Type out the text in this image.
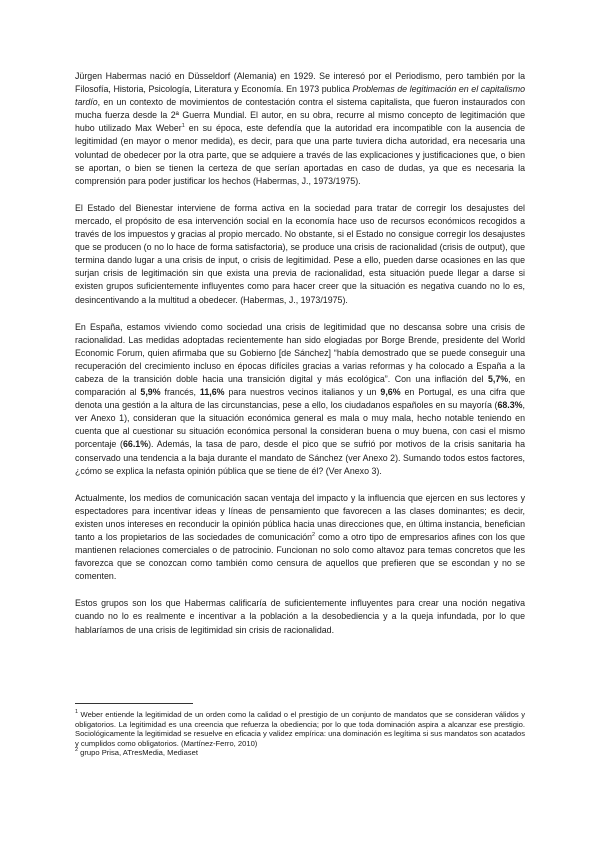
Jürgen Habermas nació en Düsseldorf (Alemania) en 1929. Se interesó por el Periodismo, pero también por la Filosofía, Historia, Psicología, Literatura y Economía. En 1973 publica Problemas de legitimación en el capitalismo tardío, en un contexto de movimientos de contestación contra el sistema capitalista, que fueron instaurados con mucha fuerza desde la 2ª Guerra Mundial. El autor, en su obra, recurre al mismo concepto de legitimación que hubo utilizado Max Weber$^1$ en su época, este defendía que la autoridad era incompatible con la ausencia de legitimidad (en mayor o menor medida), es decir, para que una parte tuviera dicha autoridad, era necesaria una voluntad de obedecer por la otra parte, que se adquiere a través de las explicaciones y justificaciones que, o bien se aportan, o bien se tienen la certeza de que serían aportadas en caso de dudas, ya que es necesaria la comprensión para poder justificar los hechos (Habermas, J., 1973/1975).

El Estado del Bienestar interviene de forma activa en la sociedad para tratar de corregir los desajustes del mercado, el propósito de esa intervención social en la economía hace uso de recursos económicos recogidos a través de los impuestos y gracias al propio mercado. No obstante, si el Estado no consigue corregir los desajustes que se producen (o no lo hace de forma satisfactoria), se produce una crisis de racionalidad (crisis de output), que termina dando lugar a una crisis de input, o crisis de legitimidad. Pese a ello, pueden darse ocasiones en las que surjan crisis de legitimación sin que exista una previa de racionalidad, esta situación puede llegar a darse si existen grupos suficientemente influyentes como para hacer creer que la situación es negativa cuando no lo es, desincentivando a la multitud a obedecer. (Habermas, J., 1973/1975).

En España, estamos viviendo como sociedad una crisis de legitimidad que no descansa sobre una crisis de racionalidad. Las medidas adoptadas recientemente han sido elogiadas por Borge Brende, presidente del World Economic Forum, quien afirmaba que su Gobierno [de Sánchez] “había demostrado que se puede conseguir una recuperación del crecimiento incluso en épocas difíciles gracias a varias reformas y ha colocado a España a la cabeza de la transición doble hacia una transición digital y más ecológica”. Con una inflación del 5,7%, en comparación al 5,9% francés, 11,6% para nuestros vecinos italianos y un 9,6% en Portugal, es una cifra que denota una gestión a la altura de las circunstancias, pese a ello, los ciudadanos españoles en su mayoría (68.3%, ver Anexo 1), consideran que la situación económica general es mala o muy mala, hecho notable teniendo en cuenta que al cuestionar su situación económica personal la consideran buena o muy buena, con casi el mismo porcentaje (66.1%). Además, la tasa de paro, desde el pico que se sufrió por motivos de la crisis sanitaria ha conservado una tendencia a la baja durante el mandato de Sánchez (ver Anexo 2). Sumando todos estos factores, ¿cómo se explica la nefasta opinión pública que se tiene de él? (Ver Anexo 3).

Actualmente, los medios de comunicación sacan ventaja del impacto y la influencia que ejercen en sus lectores y espectadores para incentivar ideas y líneas de pensamiento que favorecen a las clases dominantes; es decir, existen unos intereses en reconducir la opinión pública hacia unas direcciones que, en última instancia, benefician tanto a los propietarios de las sociedades de comunicación$^2$ como a otro tipo de empresarios afines con los que mantienen relaciones comerciales o de patrocinio. Funcionan no solo como altavoz para temas concretos que les favorezca que se conozcan como también como censura de aquellos que prefieren que se escondan y no se comenten.

Estos grupos son los que Habermas calificaría de suficientemente influyentes para crear una noción negativa cuando no lo es realmente e incentivar a la población a la desobediencia y a la queja infundada, por lo que hablaríamos de una crisis de legitimidad sin crisis de racionalidad.

$^1$ Weber entiende la legitimidad de un orden como la calidad o el prestigio de un conjunto de mandatos que se consideran válidos y obligatorios. La legitimidad es una creencia que refuerza la obediencia; por lo que toda dominación aspira a alcanzar ese prestigio. Sociológicamente la legitimidad se resuelve en eficacia y validez empírica: una dominación es legítima si sus mandatos son acatados y cumplidos como obligatorios. (Martínez-Ferro, 2010)

$^2$ grupo Prisa, ATresMedia, Mediaset
